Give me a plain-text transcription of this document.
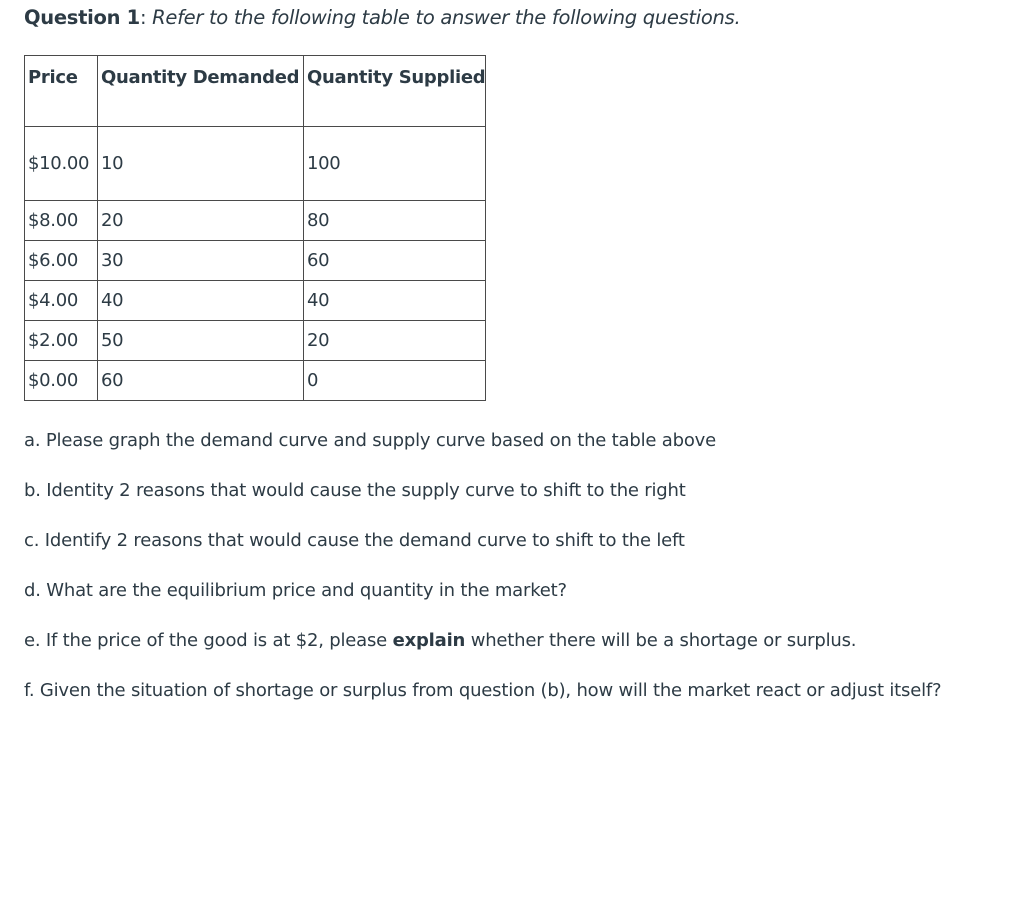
Question 1: Refer to the following table to answer the following questions.
Price	Quantity Demanded	Quantity Supplied
$10.00	10	100
$8.00	20	80
$6.00	30	60
$4.00	40	40
$2.00	50	20
$0.00	60	0

a. Please graph the demand curve and supply curve based on the table above

b. Identity 2 reasons that would cause the supply curve to shift to the right

c. Identify 2 reasons that would cause the demand curve to shift to the left

d. What are the equilibrium price and quantity in the market?

e. If the price of the good is at $2, please explain whether there will be a shortage or surplus.

f. Given the situation of shortage or surplus from question (b), how will the market react or adjust itself?
